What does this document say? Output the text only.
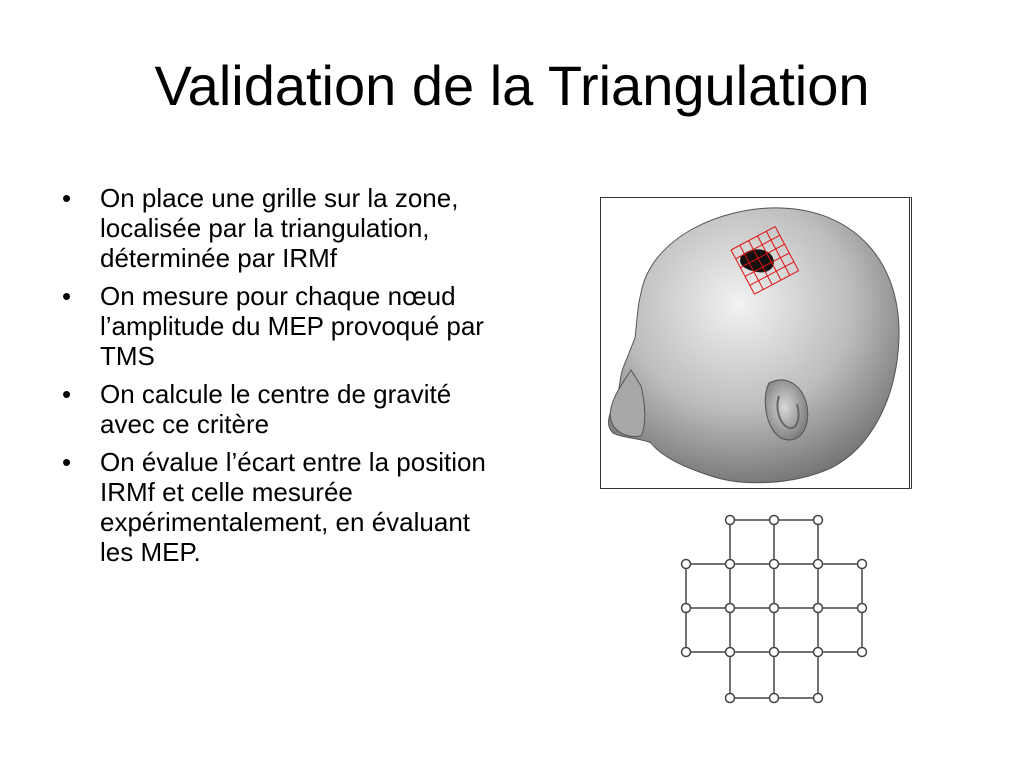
Validation de la Triangulation
• On place une grille sur la zone, localisée par la triangulation, déterminée par IRMf
• On mesure pour chaque nœud l’amplitude du MEP provoqué par TMS
• On calcule le centre de gravité avec ce critère
• On évalue l’écart entre la position IRMf et celle mesurée expérimentalement, en évaluant les MEP.
